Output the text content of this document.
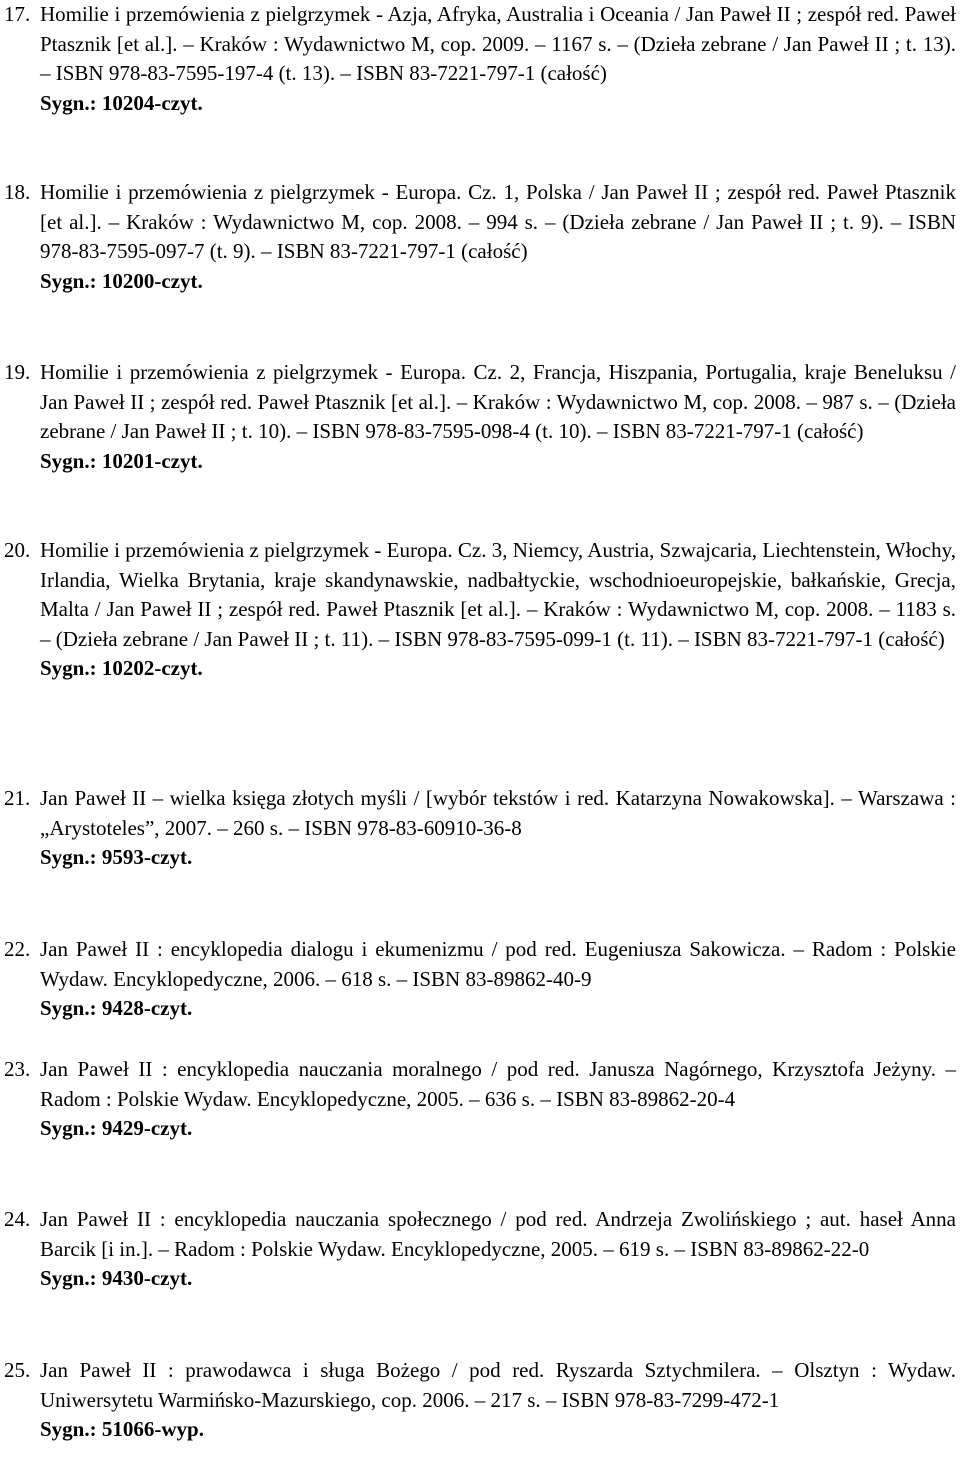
17. Homilie i przemówienia z pielgrzymek - Azja, Afryka, Australia i Oceania / Jan Paweł II ; zespół red. Paweł Ptasznik [et al.]. – Kraków : Wydawnictwo M, cop. 2009. – 1167 s. – (Dzieła zebrane / Jan Paweł II ; t. 13). – ISBN 978-83-7595-197-4 (t. 13). – ISBN 83-7221-797-1 (całość)
Sygn.: 10204-czyt.
18. Homilie i przemówienia z pielgrzymek - Europa. Cz. 1, Polska / Jan Paweł II ; zespół red. Paweł Ptasznik [et al.]. – Kraków : Wydawnictwo M, cop. 2008. – 994 s. – (Dzieła zebrane / Jan Paweł II ; t. 9). – ISBN 978-83-7595-097-7 (t. 9). – ISBN 83-7221-797-1 (całość)
Sygn.: 10200-czyt.
19. Homilie i przemówienia z pielgrzymek - Europa. Cz. 2, Francja, Hiszpania, Portugalia, kraje Beneluksu / Jan Paweł II ; zespół red. Paweł Ptasznik [et al.]. – Kraków : Wydawnictwo M, cop. 2008. – 987 s. – (Dzieła zebrane / Jan Paweł II ; t. 10). – ISBN 978-83-7595-098-4 (t. 10). – ISBN 83-7221-797-1 (całość)
Sygn.: 10201-czyt.
20. Homilie i przemówienia z pielgrzymek - Europa. Cz. 3, Niemcy, Austria, Szwajcaria, Liechtenstein, Włochy, Irlandia, Wielka Brytania, kraje skandynawskie, nadbałtyckie, wschodnioeuropejskie, bałkańskie, Grecja, Malta / Jan Paweł II ; zespół red. Paweł Ptasznik [et al.]. – Kraków : Wydawnictwo M, cop. 2008. – 1183 s. – (Dzieła zebrane / Jan Paweł II ; t. 11). – ISBN 978-83-7595-099-1 (t. 11). – ISBN 83-7221-797-1 (całość)
Sygn.: 10202-czyt.
21. Jan Paweł II – wielka księga złotych myśli / [wybór tekstów i red. Katarzyna Nowakowska]. – Warszawa : „Arystoteles”, 2007. – 260 s. – ISBN 978-83-60910-36-8
Sygn.: 9593-czyt.
22. Jan Paweł II : encyklopedia dialogu i ekumenizmu / pod red. Eugeniusza Sakowicza. – Radom : Polskie Wydaw. Encyklopedyczne, 2006. – 618 s. – ISBN 83-89862-40-9
Sygn.: 9428-czyt.
23. Jan Paweł II : encyklopedia nauczania moralnego / pod red. Janusza Nagórnego, Krzysztofa Jeżyny. – Radom : Polskie Wydaw. Encyklopedyczne, 2005. – 636 s. – ISBN 83-89862-20-4
Sygn.: 9429-czyt.
24. Jan Paweł II : encyklopedia nauczania społecznego / pod red. Andrzeja Zwolińskiego ; aut. haseł Anna Barcik [i in.]. – Radom : Polskie Wydaw. Encyklopedyczne, 2005. – 619 s. – ISBN 83-89862-22-0
Sygn.: 9430-czyt.
25. Jan Paweł II : prawodawca i sługa Bożego / pod red. Ryszarda Sztychmilera. – Olsztyn : Wydaw. Uniwersytetu Warmińsko-Mazurskiego, cop. 2006. – 217 s. – ISBN 978-83-7299-472-1
Sygn.: 51066-wyp.
